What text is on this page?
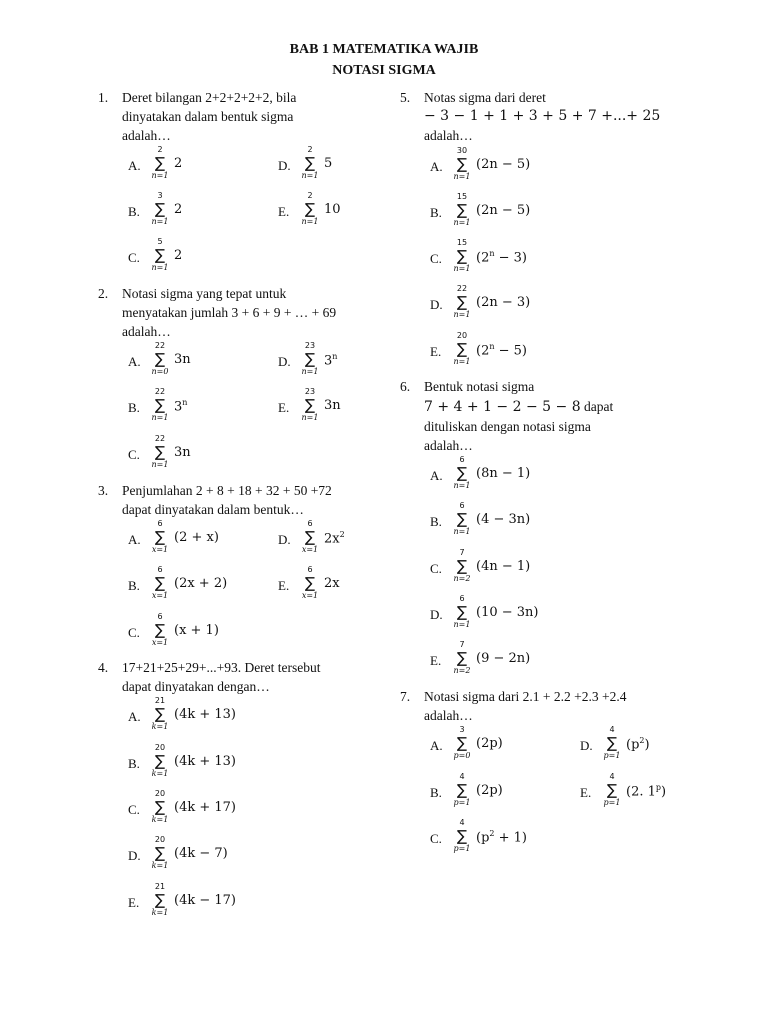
BAB 1 MATEMATIKA WAJIB
NOTASI SIGMA
1. Deret bilangan 2+2+2+2+2, bila
dinyatakan dalam bentuk sigma
adalah…
A.
2
∑
n=1
2
B.
3
∑
n=1
2
C.
5
∑
n=1
2
D.
2
∑
n=1
5
E.
2
∑
n=1
10
2. Notasi sigma yang tepat untuk
menyatakan jumlah 3 + 6 + 9 + … + 69
adalah…
A.
22
∑
n=0
3n
B.
22
∑
n=1
3$^n$
C.
22
∑
n=1
3n
D.
23
∑
n=1
3$^n$
E.
23
∑
n=1
3n
3. Penjumlahan 2 + 8 + 18 + 32 + 50 +72
dapat dinyatakan dalam bentuk…
A.
6
∑
x=1
(2 + x)
B.
6
∑
x=1
(2x + 2)
C.
6
∑
x=1
(x + 1)
D.
6
∑
x=1
$2x^2$
E.
6
∑
x=1
2x
4. 17+21+25+29+...+93. Deret tersebut
dapat dinyatakan dengan…
A.
21
∑
k=1
(4k + 13)
B.
20
∑
k=1
(4k + 13)
C.
20
∑
k=1
(4k + 17)
D.
20
∑
k=1
(4k − 7)
E.
21
∑
k=1
(4k − 17)
5. Notas sigma dari deret
− 3 − 1 + 1 + 3 + 5 + 7 +...+ 25
adalah…
A.
30
∑
n=1
(2n − 5)
B.
15
∑
n=1
(2n − 5)
C.
15
∑
n=1
$(2^n - 3)$
D.
22
∑
n=1
(2n − 3)
E.
20
∑
n=1
$(2^n - 5)$
6. Bentuk notasi sigma
7 + 4 + 1 − 2 − 5 − 8 dapat
dituliskan dengan notasi sigma
adalah…
A.
6
∑
n=1
(8n − 1)
B.
6
∑
n=1
(4 − 3n)
C.
7
∑
n=2
(4n − 1)
D.
6
∑
n=1
(10 − 3n)
E.
7
∑
n=2
(9 − 2n)
7. Notasi sigma dari 2.1 + 2.2 +2.3 +2.4
adalah…
A.
3
∑
p=0
(2p)
B.
4
∑
p=1
(2p)
C.
4
∑
p=1
$(p^2 + 1)$
D.
4
∑
p=1
$(p^2)$
E.
4
∑
p=1
(2. 1$^p$)
